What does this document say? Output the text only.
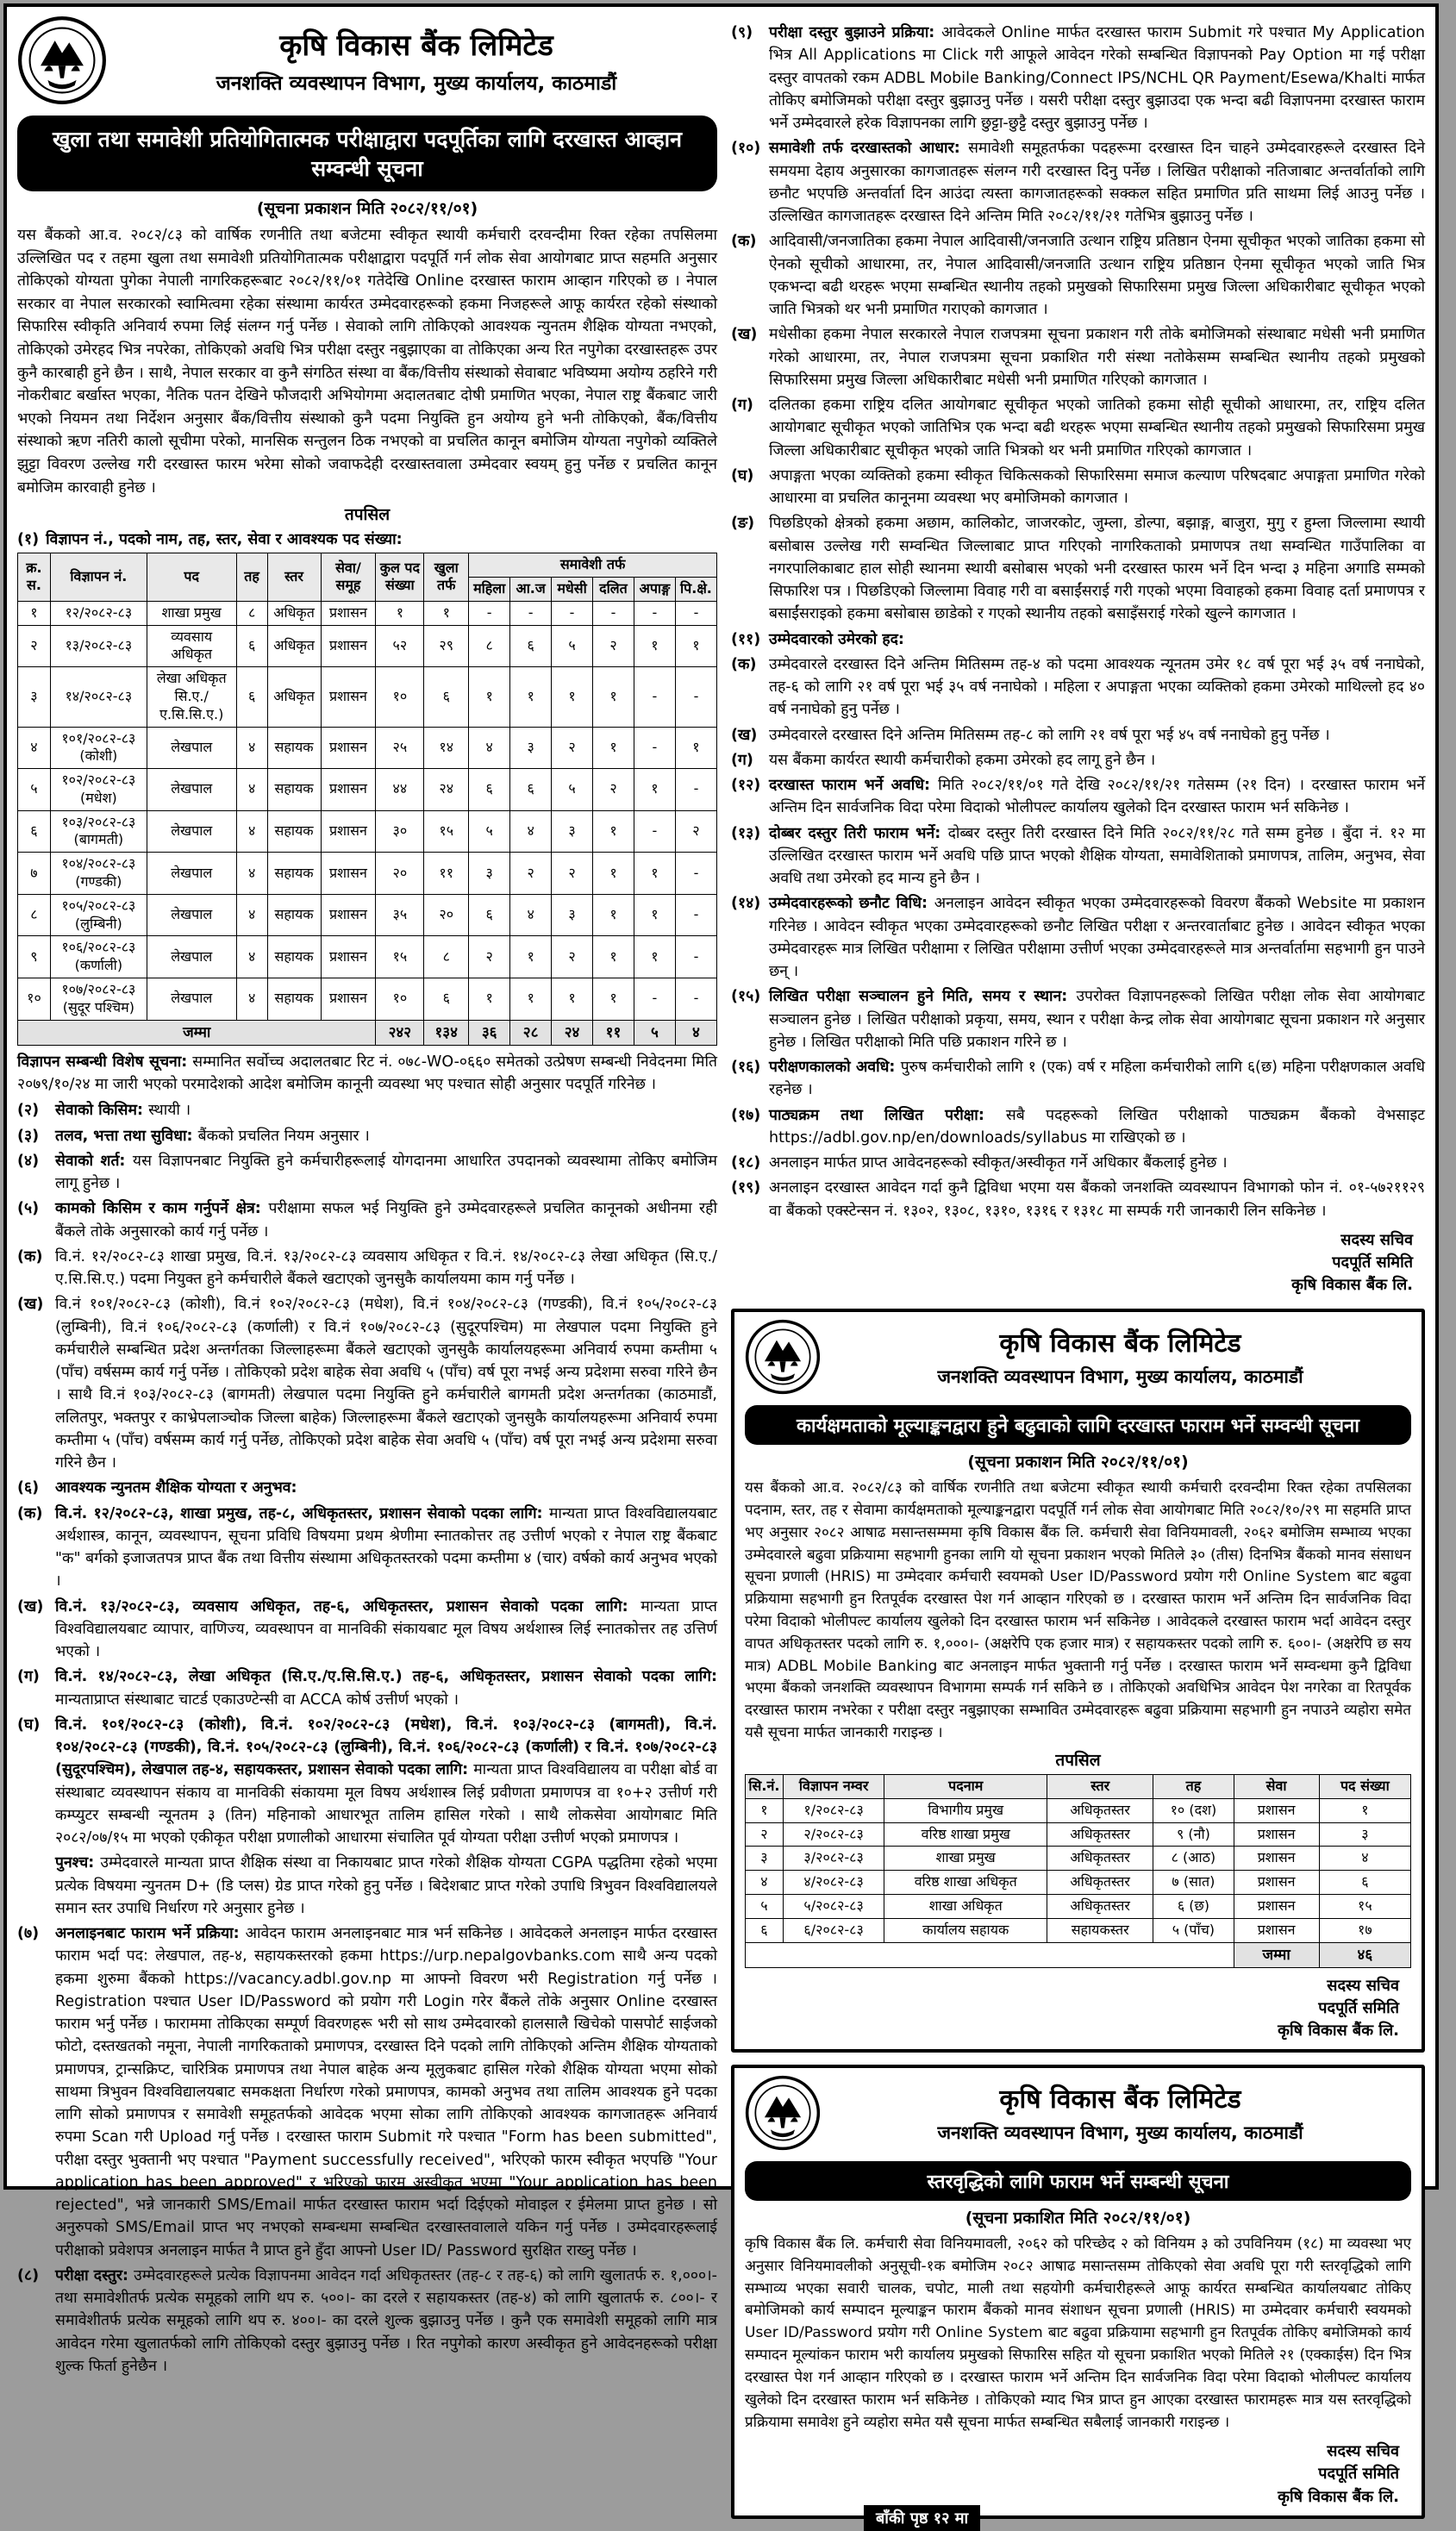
कृषि विकास बैंक लिमिटेड
जनशक्ति व्यवस्थापन विभाग, मुख्य कार्यालय, काठमाडौं
खुला तथा समावेशी प्रतियोगितात्मक परीक्षाद्वारा पदपूर्तिका लागि दरखास्त आव्हान सम्वन्धी सूचना
(सूचना प्रकाशन मिति २०८२/११/०१)
यस बैंकको आ.व. २०८२/८३ को वार्षिक रणनीति तथा बजेटमा स्वीकृत स्थायी कर्मचारी दरवन्दीमा रिक्त रहेका तपसिलमा उल्लिखित पद र तहमा खुला तथा समावेशी प्रतियोगितात्मक परीक्षाद्वारा पदपूर्ति गर्न लोक सेवा आयोगबाट प्राप्त सहमति अनुसार तोकिएको योग्यता पुगेका नेपाली नागरिकहरूबाट २०८२/११/०१ गतेदेखि Online दरखास्त फाराम आव्हान गरिएको छ । नेपाल सरकार वा नेपाल सरकारको स्वामित्वमा रहेका संस्थामा कार्यरत उम्मेदवारहरूको हकमा निजहरूले आफू कार्यरत रहेको संस्थाको सिफारिस स्वीकृति अनिवार्य रुपमा लिई संलग्न गर्नु पर्नेछ । सेवाको लागि तोकिएको आवश्यक न्युनतम शैक्षिक योग्यता नभएको, तोकिएको उमेरहद भित्र नपरेका, तोकिएको अवधि भित्र परीक्षा दस्तुर नबुझाएका वा तोकिएका अन्य रित नपुगेका दरखास्तहरू उपर कुनै कारबाही हुने छैन । साथै, नेपाल सरकार वा कुनै संगठित संस्था वा बैंक/वित्तीय संस्थाको सेवाबाट भविष्यमा अयोग्य ठहरिने गरी नोकरीबाट बर्खास्त भएका, नैतिक पतन देखिने फौजदारी अभियोगमा अदालतबाट दोषी प्रमाणित भएका, नेपाल राष्ट्र बैंकबाट जारी भएको नियमन तथा निर्देशन अनुसार बैंक/वित्तीय संस्थाको कुनै पदमा नियुक्ति हुन अयोग्य हुने भनी तोकिएको, बैंक/वित्तीय संस्थाको ऋण नतिरी कालो सूचीमा परेको, मानसिक सन्तुलन ठिक नभएको वा प्रचलित कानून बमोजिम योग्यता नपुगेको व्यक्तिले झुट्टा विवरण उल्लेख गरी दरखास्त फारम भरेमा सोको जवाफदेही दरखास्तवाला उम्मेदवार स्वयम् हुनु पर्नेछ र प्रचलित कानून बमोजिम कारवाही हुनेछ ।
तपसिल
(१) विज्ञापन नं., पदको नाम, तह, स्तर, सेवा र आवश्यक पद संख्या:
क्र. स.	विज्ञापन नं.	पद	तह	स्तर	सेवा/ समूह	कुल पद संख्या	खुला तर्फ	समावेशी तर्फ					
								महिला	आ.ज	मधेसी	दलित	अपाङ्ग	पि.क्षे.
१	१२/२०८२-८३	शाखा प्रमुख	८	अधिकृत	प्रशासन	१	१	-	-	-	-	-	-
२	१३/२०८२-८३	व्यवसाय अधिकृत	६	अधिकृत	प्रशासन	५२	२९	८	६	५	२	१	१
३	१४/२०८२-८३	लेखा अधिकृत सि.ए./ ए.सि.सि.ए.)	६	अधिकृत	प्रशासन	१०	६	१	१	१	१	-	-
४	१०१/२०८२-८३ (कोशी)	लेखपाल	४	सहायक	प्रशासन	२५	१४	४	३	२	१	-	१
५	१०२/२०८२-८३ (मधेश)	लेखपाल	४	सहायक	प्रशासन	४४	२४	६	६	५	२	१	-
६	१०३/२०८२-८३ (बागमती)	लेखपाल	४	सहायक	प्रशासन	३०	१५	५	४	३	१	-	२
७	१०४/२०८२-८३ (गण्डकी)	लेखपाल	४	सहायक	प्रशासन	२०	११	३	२	२	१	१	-
८	१०५/२०८२-८३ (लुम्बिनी)	लेखपाल	४	सहायक	प्रशासन	३५	२०	६	४	३	१	१	-
९	१०६/२०८२-८३ (कर्णाली)	लेखपाल	४	सहायक	प्रशासन	१५	८	२	१	२	१	१	-
१०	१०७/२०८२-८३ (सुदूर पश्चिम)	लेखपाल	४	सहायक	प्रशासन	१०	६	१	१	१	१	-	-
जम्मा						२४२	१३४	३६	२८	२४	११	५	४
विज्ञापन सम्बन्धी विशेष सूचना: सम्मानित सर्वोच्च अदालतबाट रिट नं. ०७८-WO-०६६० समेतको उत्प्रेषण सम्बन्धी निवेदनमा मिति २०७९/१०/२४ मा जारी भएको परमादेशको आदेश बमोजिम कानूनी व्यवस्था भए पश्चात सोही अनुसार पदपूर्ति गरिनेछ ।
(२)	सेवाको किसिम: स्थायी ।
(३)	तलव, भत्ता तथा सुविधा: बैंकको प्रचलित नियम अनुसार ।
(४)	सेवाको शर्त: यस विज्ञापनबाट नियुक्ति हुने कर्मचारीहरूलाई योगदानमा आधारित उपदानको व्यवस्थामा तोकिए बमोजिम लागू हुनेछ ।
(५)	कामको किसिम र काम गर्नुपर्ने क्षेत्र: परीक्षामा सफल भई नियुक्ति हुने उम्मेदवारहरूले प्रचलित कानूनको अधीनमा रही बैंकले तोके अनुसारको कार्य गर्नु पर्नेछ ।
(क) वि.नं. १२/२०८२-८३ शाखा प्रमुख, वि.नं. १३/२०८२-८३ व्यवसाय अधिकृत र वि.नं. १४/२०८२-८३ लेखा अधिकृत (सि.ए./ए.सि.सि.ए.) पदमा नियुक्त हुने कर्मचारीले बैंकले खटाएको जुनसुकै कार्यालयमा काम गर्नु पर्नेछ ।
(ख) वि.नं १०१/२०८२-८३ (कोशी), वि.नं १०२/२०८२-८३ (मधेश), वि.नं १०४/२०८२-८३ (गण्डकी), वि.नं १०५/२०८२-८३ (लुम्बिनी), वि.नं १०६/२०८२-८३ (कर्णाली) र वि.नं १०७/२०८२-८३ (सुदूरपश्चिम) मा लेखपाल पदमा नियुक्ति हुने कर्मचारीले सम्बन्धित प्रदेश अन्तर्गतका जिल्लाहरूमा बैंकले खटाएको जुनसुकै कार्यालयहरूमा अनिवार्य रुपमा कम्तीमा ५ (पाँच) वर्षसम्म कार्य गर्नु पर्नेछ । तोकिएको प्रदेश बाहेक सेवा अवधि ५ (पाँच) वर्ष पूरा नभई अन्य प्रदेशमा सरुवा गरिने छैन । साथै वि.नं १०३/२०८२-८३ (बागमती) लेखपाल पदमा नियुक्ति हुने कर्मचारीले बागमती प्रदेश अन्तर्गतका (काठमाडौं, ललितपुर, भक्तपुर र काभ्रेपलाञ्चोक जिल्ला बाहेक) जिल्लाहरूमा बैंकले खटाएको जुनसुकै कार्यालयहरूमा अनिवार्य रुपमा कम्तीमा ५ (पाँच) वर्षसम्म कार्य गर्नु पर्नेछ, तोकिएको प्रदेश बाहेक सेवा अवधि ५ (पाँच) वर्ष पूरा नभई अन्य प्रदेशमा सरुवा गरिने छैन ।
(६)	आवश्यक न्युनतम शैक्षिक योग्यता र अनुभव:
(क) वि.नं. १२/२०८२-८३, शाखा प्रमुख, तह-८, अधिकृतस्तर, प्रशासन सेवाको पदका लागि: मान्यता प्राप्त विश्वविद्यालयबाट अर्थशास्त्र, कानून, व्यवस्थापन, सूचना प्रविधि विषयमा प्रथम श्रेणीमा स्नातकोत्तर तह उत्तीर्ण भएको र नेपाल राष्ट्र बैंकबाट "क" बर्गको इजाजतपत्र प्राप्त बैंक तथा वित्तीय संस्थामा अधिकृतस्तरको पदमा कम्तीमा ४ (चार) वर्षको कार्य अनुभव भएको ।
(ख) वि.नं. १३/२०८२-८३, व्यवसाय अधिकृत, तह-६, अधिकृतस्तर, प्रशासन सेवाको पदका लागि: मान्यता प्राप्त विश्वविद्यालयबाट व्यापार, वाणिज्य, व्यवस्थापन वा मानविकी संकायबाट मूल विषय अर्थशास्त्र लिई स्नातकोत्तर तह उत्तिर्ण भएको ।
(ग)	वि.नं. १४/२०८२-८३, लेखा अधिकृत (सि.ए./ए.सि.सि.ए.) तह-६, अधिकृतस्तर, प्रशासन सेवाको पदका लागि: मान्यताप्राप्त संस्थाबाट चाटर्ड एकाउण्टेन्सी वा ACCA कोर्ष उत्तीर्ण भएको ।
(घ)	वि.नं. १०१/२०८२-८३ (कोशी), वि.नं. १०२/२०८२-८३ (मधेश), वि.नं. १०३/२०८२-८३ (बागमती), वि.नं. १०४/२०८२-८३ (गण्डकी), वि.नं. १०५/२०८२-८३ (लुम्बिनी), वि.नं. १०६/२०८२-८३ (कर्णाली) र वि.नं. १०७/२०८२-८३ (सुदूरपश्चिम), लेखपाल तह-४, सहायकस्तर, प्रशासन सेवाको पदका लागि: मान्यता प्राप्त विश्वविद्यालय वा परीक्षा बोर्ड वा संस्थाबाट व्यवस्थापन संकाय वा मानविकी संकायमा मूल विषय अर्थशास्त्र लिई प्रवीणता प्रमाणपत्र वा १०+२ उत्तीर्ण गरी कम्प्युटर सम्बन्धी न्यूनतम ३ (तिन) महिनाको आधारभूत तालिम हासिल गरेको । साथै लोकसेवा आयोगबाट मिति २०८२/०७/१५ मा भएको एकीकृत परीक्षा प्रणालीको आधारमा संचालित पूर्व योग्यता परीक्षा उत्तीर्ण भएको प्रमाणपत्र ।
पुनश्च: उम्मेदवारले मान्यता प्राप्त शैक्षिक संस्था वा निकायबाट प्राप्त गरेको शैक्षिक योग्यता CGPA पद्धतिमा रहेको भएमा प्रत्येक विषयमा न्युनतम D+ (डि प्लस) ग्रेड प्राप्त गरेको हुनु पर्नेछ । बिदेशबाट प्राप्त गरेको उपाधि त्रिभुवन विश्वविद्यालयले समान स्तर उपाधि निर्धारण गरे अनुसार हुनेछ ।
(७)	अनलाइनबाट फाराम भर्ने प्रक्रिया: आवेदन फाराम अनलाइनबाट मात्र भर्न सकिनेछ । आवेदकले अनलाइन मार्फत दरखास्त फाराम भर्दा पद: लेखपाल, तह-४, सहायकस्तरको हकमा https://urp.nepalgovbanks.com साथै अन्य पदको हकमा शुरुमा बैंकको https://vacancy.adbl.gov.np मा आफ्नो विवरण भरी Registration गर्नु पर्नेछ । Registration पश्चात User ID/Password को प्रयोग गरी Login गरेर बैंकले तोके अनुसार Online दरखास्त फाराम भर्नु पर्नेछ । फाराममा तोकिएका सम्पूर्ण विवरणहरू भरी सो साथ उम्मेदवारको हालसालै खिचेको पासपोर्ट साईजको फोटो, दस्तखतको नमूना, नेपाली नागरिकताको प्रमाणपत्र, दरखास्त दिने पदको लागि तोकिएको अन्तिम शैक्षिक योग्यताको प्रमाणपत्र, ट्रान्सक्रिप्ट, चारित्रिक प्रमाणपत्र तथा नेपाल बाहेक अन्य मूलुकबाट हासिल गरेको शैक्षिक योग्यता भएमा सोको साथमा त्रिभुवन विश्वविद्यालयबाट समकक्षता निर्धारण गरेको प्रमाणपत्र, कामको अनुभव तथा तालिम आवश्यक हुने पदका लागि सोको प्रमाणपत्र र समावेशी समूहतर्फको आवेदक भएमा सोका लागि तोकिएको आवश्यक कागजातहरू अनिवार्य रुपमा Scan गरी Upload गर्नु पर्नेछ । दरखास्त फाराम Submit गरे पश्चात "Form has been submitted", परीक्षा दस्तुर भुक्तानी भए पश्चात "Payment successfully received", भरिएको फारम स्वीकृत भएपछि "Your application has been approved" र भरिएको फारम अस्वीकृत भएमा "Your application has been rejected", भन्ने जानकारी SMS/Email मार्फत दरखास्त फाराम भर्दा दिईएको मोवाइल र ईमेलमा प्राप्त हुनेछ । सो अनुरुपको SMS/Email प्राप्त भए नभएको सम्बन्धमा सम्बन्धित दरखास्तवालाले यकिन गर्नु पर्नेछ । उम्मेदवारहरूलाई परीक्षाको प्रवेशपत्र अनलाइन मार्फत नै प्राप्त हुने हुँदा आफ्नो User ID/ Password सुरक्षित राख्नु पर्नेछ ।
(८)	परीक्षा दस्तुर: उम्मेदवारहरूले प्रत्येक विज्ञापनमा आवेदन गर्दा अधिकृतस्तर (तह-८ र तह-६) को लागि खुलातर्फ रु. १,०००।- तथा समावेशीतर्फ प्रत्येक समूहको लागि थप रु. ५००।- का दरले र सहायकस्तर (तह-४) को लागि खुलातर्फ रु. ८००।- र समावेशीतर्फ प्रत्येक समूहको लागि थप रु. ४००।- का दरले शुल्क बुझाउनु पर्नेछ । कुनै एक समावेशी समूहको लागि मात्र आवेदन गरेमा खुलातर्फको लागि तोकिएको दस्तुर बुझाउनु पर्नेछ । रित नपुगेको कारण अस्वीकृत हुने आवेदनहरूको परीक्षा शुल्क फिर्ता हुनेछैन ।
(९)	परीक्षा दस्तुर बुझाउने प्रक्रिया: आवेदकले Online मार्फत दरखास्त फाराम Submit गरे पश्चात My Application भित्र All Applications मा Click गरी आफूले आवेदन गरेको सम्बन्धित विज्ञापनको Pay Option मा गई परीक्षा दस्तुर वापतको रकम ADBL Mobile Banking/Connect IPS/NCHL QR Payment/Esewa/Khalti मार्फत तोकिए बमोजिमको परीक्षा दस्तुर बुझाउनु पर्नेछ । यसरी परीक्षा दस्तुर बुझाउदा एक भन्दा बढी विज्ञापनमा दरखास्त फाराम भर्ने उम्मेदवारले हरेक विज्ञापनका लागि छुट्टा-छुट्टै दस्तुर बुझाउनु पर्नेछ ।
(१०) समावेशी तर्फ दरखास्तको आधार: समावेशी समूहतर्फका पदहरूमा दरखास्त दिन चाहने उम्मेदवारहरूले दरखास्त दिने समयमा देहाय अनुसारका कागजातहरू संलग्न गरी दरखास्त दिनु पर्नेछ । लिखित परीक्षाको नतिजाबाट अन्तर्वार्ताको लागि छनौट भएपछि अन्तर्वार्ता दिन आउंदा त्यस्ता कागजातहरूको सक्कल सहित प्रमाणित प्रति साथमा लिई आउनु पर्नेछ । उल्लिखित कागजातहरू दरखास्त दिने अन्तिम मिति २०८२/११/२१ गतेभित्र बुझाउनु पर्नेछ ।
(क) आदिवासी/जनजातिका हकमा नेपाल आदिवासी/जनजाति उत्थान राष्ट्रिय प्रतिष्ठान ऐनमा सूचीकृत भएको जातिका हकमा सो ऐनको सूचीको आधारमा, तर, नेपाल आदिवासी/जनजाति उत्थान राष्ट्रिय प्रतिष्ठान ऐनमा सूचीकृत भएको जाति भित्र एकभन्दा बढी थरहरू भएमा सम्बन्धित स्थानीय तहको प्रमुखको सिफारिसमा प्रमुख जिल्ला अधिकारीबाट सूचीकृत भएको जाति भित्रको थर भनी प्रमाणित गराएको कागजात ।
(ख) मधेसीका हकमा नेपाल सरकारले नेपाल राजपत्रमा सूचना प्रकाशन गरी तोके बमोजिमको संस्थाबाट मधेसी भनी प्रमाणित गरेको आधारमा, तर, नेपाल राजपत्रमा सूचना प्रकाशित गरी संस्था नतोकेसम्म सम्बन्धित स्थानीय तहको प्रमुखको सिफारिसमा प्रमुख जिल्ला अधिकारीबाट मधेसी भनी प्रमाणित गरिएको कागजात ।
(ग)	दलितका हकमा राष्ट्रिय दलित आयोगबाट सूचीकृत भएको जातिको हकमा सोही सूचीको आधारमा, तर, राष्ट्रिय दलित आयोगबाट सूचीकृत भएको जातिभित्र एक भन्दा बढी थरहरू भएमा सम्बन्धित स्थानीय तहको प्रमुखको सिफारिसमा प्रमुख जिल्ला अधिकारीबाट सूचीकृत भएको जाति भित्रको थर भनी प्रमाणित गरिएको कागजात ।
(घ)	अपाङ्गता भएका व्यक्तिको हकमा स्वीकृत चिकित्सकको सिफारिसमा समाज कल्याण परिषदबाट अपाङ्गता प्रमाणित गरेको आधारमा वा प्रचलित कानूनमा व्यवस्था भए बमोजिमको कागजात ।
(ङ) पिछडिएको क्षेत्रको हकमा अछाम, कालिकोट, जाजरकोट, जुम्ला, डोल्पा, बझाङ्ग, बाजुरा, मुगु र हुम्ला जिल्लामा स्थायी बसोबास उल्लेख गरी सम्वन्धित जिल्लाबाट प्राप्त गरिएको नागरिकताको प्रमाणपत्र तथा सम्वन्धित गाउँपालिका वा नगरपालिकाबाट हाल सोही स्थानमा स्थायी बसोबास भएको भनी दरखास्त फारम भर्ने दिन भन्दा ३ महिना अगाडि सम्मको सिफारिश पत्र । पिछडिएको जिल्लामा विवाह गरी वा बसाईंसराई गरी गएको भएमा विवाहको हकमा विवाह दर्ता प्रमाणपत्र र बसाईंसराइको हकमा बसोबास छाडेको र गएको स्थानीय तहको बसाइँसराई गरेको खुल्ने कागजात ।
(११) उम्मेदवारको उमेरको हद:
(क) उम्मेदवारले दरखास्त दिने अन्तिम मितिसम्म तह-४ को पदमा आवश्यक न्यूनतम उमेर १८ वर्ष पूरा भई ३५ वर्ष ननाघेको, तह-६ को लागि २१ वर्ष पूरा भई ३५ वर्ष ननाघेको । महिला र अपाङ्गता भएका व्यक्तिको हकमा उमेरको माथिल्लो हद ४० वर्ष ननाघेको हुनु पर्नेछ ।
(ख) उम्मेदवारले दरखास्त दिने अन्तिम मितिसम्म तह-८ को लागि २१ वर्ष पूरा भई ४५ वर्ष ननाघेको हुनु पर्नेछ ।
(ग)	यस बैंकमा कार्यरत स्थायी कर्मचारीको हकमा उमेरको हद लागू हुने छैन ।
(१२) दरखास्त फाराम भर्ने अवधि: मिति २०८२/११/०१ गते देखि २०८२/११/२१ गतेसम्म (२१ दिन) । दरखास्त फाराम भर्ने अन्तिम दिन सार्वजनिक विदा परेमा विदाको भोलीपल्ट कार्यालय खुलेको दिन दरखास्त फाराम भर्न सकिनेछ ।
(१३) दोब्बर दस्तुर तिरी फाराम भर्ने: दोब्बर दस्तुर तिरी दरखास्त दिने मिति २०८२/११/२८ गते सम्म हुनेछ । बुँदा नं. १२ मा उल्लिखित दरखास्त फाराम भर्ने अवधि पछि प्राप्त भएको शैक्षिक योग्यता, समावेशिताको प्रमाणपत्र, तालिम, अनुभव, सेवा अवधि तथा उमेरको हद मान्य हुने छैन ।
(१४) उम्मेदवारहरूको छनौट विधि: अनलाइन आवेदन स्वीकृत भएका उम्मेदवारहरूको विवरण बैंकको Website मा प्रकाशन गरिनेछ । आवेदन स्वीकृत भएका उम्मेदवारहरूको छनौट लिखित परीक्षा र अन्तरवार्ताबाट हुनेछ । आवेदन स्वीकृत भएका उम्मेदवारहरू मात्र लिखित परीक्षामा र लिखित परीक्षामा उत्तीर्ण भएका उम्मेदवारहरूले मात्र अन्तर्वार्तामा सहभागी हुन पाउने छन् ।
(१५) लिखित परीक्षा सञ्चालन हुने मिति, समय र स्थान: उपरोक्त विज्ञापनहरूको लिखित परीक्षा लोक सेवा आयोगबाट सञ्चालन हुनेछ । लिखित परीक्षाको प्रकृया, समय, स्थान र परीक्षा केन्द्र लोक सेवा आयोगबाट सूचना प्रकाशन गरे अनुसार हुनेछ । लिखित परीक्षाको मिति पछि प्रकाशन गरिने छ ।
(१६) परीक्षणकालको अवधि: पुरुष कर्मचारीको लागि १ (एक) वर्ष र महिला कर्मचारीको लागि ६(छ) महिना परीक्षणकाल अवधि रहनेछ ।
(१७) पाठ्यक्रम तथा लिखित परीक्षा: सबै पदहरूको लिखित परीक्षाको पाठ्यक्रम बैंकको वेभसाइट https://adbl.gov.np/en/downloads/syllabus मा राखिएको छ ।
(१८) अनलाइन मार्फत प्राप्त आवेदनहरूको स्वीकृत/अस्वीकृत गर्ने अधिकार बैंकलाई हुनेछ ।
(१९) अनलाइन दरखास्त आवेदन गर्दा कुनै द्विविधा भएमा यस बैंकको जनशक्ति व्यवस्थापन विभागको फोन नं. ०१-५७२११२९ वा बैंकको एक्स्टेन्सन नं. १३०२, १३०८, १३१०, १३१६ र १३१८ मा सम्पर्क गरी जानकारी लिन सकिनेछ ।
सदस्य सचिव
पदपूर्ति समिति
कृषि विकास बैंक लि.
कृषि विकास बैंक लिमिटेड
जनशक्ति व्यवस्थापन विभाग, मुख्य कार्यालय, काठमाडौं
कार्यक्षमताको मूल्याङ्कनद्वारा हुने बढुवाको लागि दरखास्त फाराम भर्ने सम्वन्धी सूचना
(सूचना प्रकाशन मिति २०८२/११/०१)
यस बैंकको आ.व. २०८२/८३ को वार्षिक रणनीति तथा बजेटमा स्वीकृत स्थायी कर्मचारी दरवन्दीमा रिक्त रहेका तपसिलका पदनाम, स्तर, तह र सेवामा कार्यक्षमताको मूल्याङ्कनद्वारा पदपूर्ति गर्न लोक सेवा आयोगबाट मिति २०८२/१०/२९ मा सहमति प्राप्त भए अनुसार २०८२ आषाढ मसान्तसम्ममा कृषि विकास बैंक लि. कर्मचारी सेवा विनियमावली, २०६२ बमोजिम सम्भाव्य भएका उम्मेदवारले बढुवा प्रक्रियामा सहभागी हुनका लागि यो सूचना प्रकाशन भएको मितिले ३० (तीस) दिनभित्र बैंकको मानव संसाधन सूचना प्रणाली (HRIS) मा उम्मेदवार कर्मचारी स्वयमको User ID/Password प्रयोग गरी Online System बाट बढुवा प्रक्रियामा सहभागी हुन रितपूर्वक दरखास्त पेश गर्न आव्हान गरिएको छ । दरखास्त फाराम भर्ने अन्तिम दिन सार्वजनिक विदा परेमा विदाको भोलीपल्ट कार्यालय खुलेको दिन दरखास्त फाराम भर्न सकिनेछ । आवेदकले दरखास्त फाराम भर्दा आवेदन दस्तुर वापत अधिकृतस्तर पदको लागि रु. १,०००।- (अक्षरेपि एक हजार मात्र) र सहायकस्तर पदको लागि रु. ६००।- (अक्षरेपि छ सय मात्र) ADBL Mobile Banking बाट अनलाइन मार्फत भुक्तानी गर्नु पर्नेछ । दरखास्त फाराम भर्ने सम्वन्धमा कुनै द्विविधा भएमा बैंकको जनशक्ति व्यवस्थापन विभागमा सम्पर्क गर्न सकिने छ । तोकिएको अवधिभित्र आवेदन पेश नगरेका वा रितपूर्वक दरखास्त फाराम नभरेका र परीक्षा दस्तुर नबुझाएका सम्भावित उम्मेदवारहरू बढुवा प्रक्रियामा सहभागी हुन नपाउने व्यहोरा समेत यसै सूचना मार्फत जानकारी गराइन्छ ।
तपसिल
सि.नं.	विज्ञापन नम्वर	पदनाम	स्तर	तह	सेवा	पद संख्या
१	१/२०८२-८३	विभागीय प्रमुख	अधिकृतस्तर	१० (दश)	प्रशासन	१
२	२/२०८२-८३	वरिष्ठ शाखा प्रमुख	अधिकृतस्तर	९ (नौ)	प्रशासन	३
३	३/२०८२-८३	शाखा प्रमुख	अधिकृतस्तर	८ (आठ)	प्रशासन	४
४	४/२०८२-८३	वरिष्ठ शाखा अधिकृत	अधिकृतस्तर	७ (सात)	प्रशासन	६
५	५/२०८२-८३	शाखा अधिकृत	अधिकृतस्तर	६ (छ)	प्रशासन	१५
६	६/२०८२-८३	कार्यालय सहायक	सहायकस्तर	५ (पाँच)	प्रशासन	१७
					जम्मा	४६
सदस्य सचिव
पदपूर्ति समिति
कृषि विकास बैंक लि.
कृषि विकास बैंक लिमिटेड
जनशक्ति व्यवस्थापन विभाग, मुख्य कार्यालय, काठमाडौं
स्तरवृद्धिको लागि फाराम भर्ने सम्बन्धी सूचना
(सूचना प्रकाशित मिति २०८२/११/०१)
कृषि विकास बैंक लि. कर्मचारी सेवा विनियमावली, २०६२ को परिच्छेद २ को विनियम ३ को उपविनियम (१८) मा व्यवस्था भए अनुसार विनियमावलीको अनुसूची-१क बमोजिम २०८२ आषाढ मसान्तसम्म तोकिएको सेवा अवधि पूरा गरी स्तरवृद्धिको लागि सम्भाव्य भएका सवारी चालक, चपोट, माली तथा सहयोगी कर्मचारीहरूले आफू कार्यरत सम्बन्धित कार्यालयबाट तोकिए बमोजिमको कार्य सम्पादन मूल्याङ्कन फाराम बैंकको मानव संशाधन सूचना प्रणाली (HRIS) मा उम्मेदवार कर्मचारी स्वयमको User ID/Password प्रयोग गरी Online System बाट बढुवा प्रक्रियामा सहभागी हुन रितपूर्वक तोकिए बमोजिमको कार्य सम्पादन मूल्यांकन फाराम भरी कार्यालय प्रमुखको सिफारिस सहित यो सूचना प्रकाशित भएको मितिले २१ (एक्काईस) दिन भित्र दरखास्त पेश गर्न आव्हान गरिएको छ । दरखास्त फाराम भर्ने अन्तिम दिन सार्वजनिक विदा परेमा विदाको भोलीपल्ट कार्यालय खुलेको दिन दरखास्त फाराम भर्न सकिनेछ । तोकिएको म्याद भित्र प्राप्त हुन आएका दरखास्त फारामहरू मात्र यस स्तरवृद्धिको प्रक्रियामा समावेश हुने व्यहोरा समेत यसै सूचना मार्फत सम्बन्धित सबैलाई जानकारी गराइन्छ ।
सदस्य सचिव
पदपूर्ति समिति
कृषि विकास बैंक लि.
बाँकी पृष्ठ १२ मा
